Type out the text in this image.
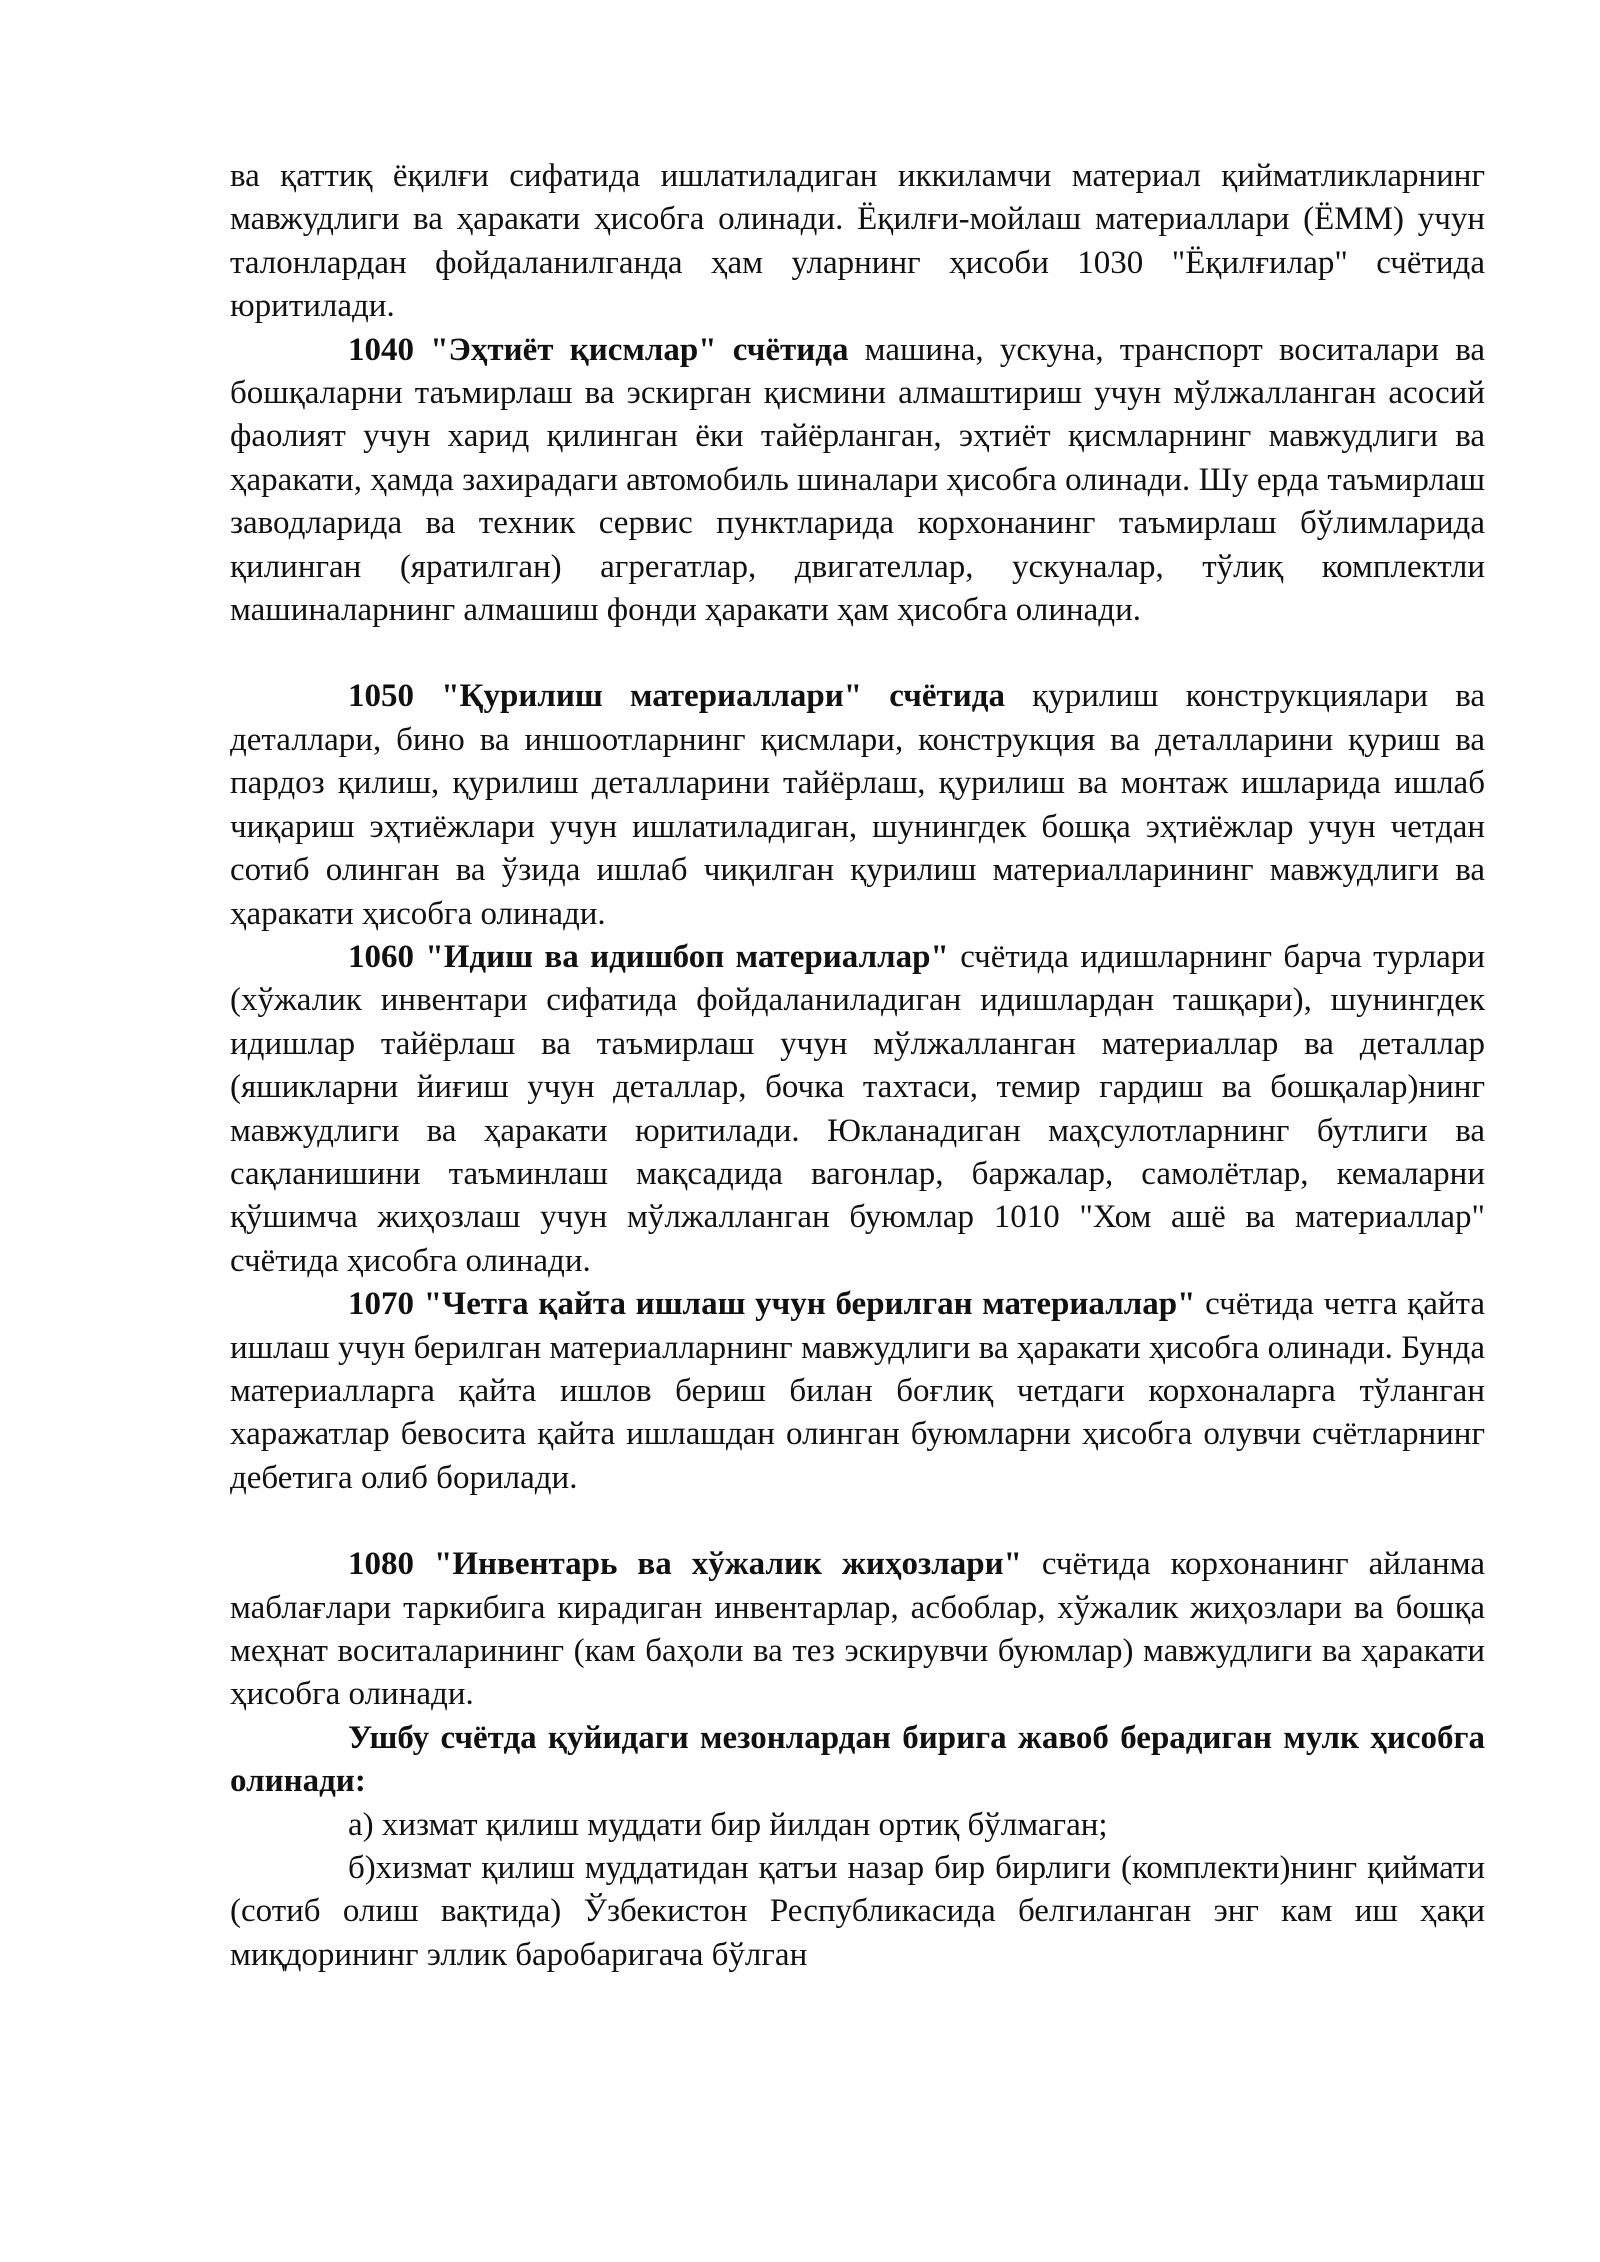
ва қаттиқ ёқилғи сифатида ишлатиладиган иккиламчи материал қийматликларнинг мавжудлиги ва ҳаракати ҳисобга олинади. Ёқилғи-мойлаш материаллари (ЁММ) учун талонлардан фойдаланилганда ҳам уларнинг ҳисоби 1030 "Ёқилғилар" счётида юритилади.

1040 "Эҳтиёт қисмлар" счётида машина, ускуна, транспорт воситалари ва бошқаларни таъмирлаш ва эскирган қисмини алмаштириш учун мўлжалланган асосий фаолият учун харид қилинган ёки тайёрланган, эҳтиёт қисмларнинг мавжудлиги ва ҳаракати, ҳамда захирадаги автомобиль шиналари ҳисобга олинади. Шу ерда таъмирлаш заводларида ва техник сервис пунктларида корхонанинг таъмирлаш бўлимларида қилинган (яратилган) агрегатлар, двигателлар, ускуналар, тўлиқ комплектли машиналарнинг алмашиш фонди ҳаракати ҳам ҳисобга олинади.

1050 "Қурилиш материаллари" счётида қурилиш конструкциялари ва деталлари, бино ва иншоотларнинг қисмлари, конструкция ва деталларини қуриш ва пардоз қилиш, қурилиш деталларини тайёрлаш, қурилиш ва монтаж ишларида ишлаб чиқариш эҳтиёжлари учун ишлатиладиган, шунингдек бошқа эҳтиёжлар учун четдан сотиб олинган ва ўзида ишлаб чиқилган қурилиш материалларининг мавжудлиги ва ҳаракати ҳисобга олинади.

1060 "Идиш ва идишбоп материаллар" счётида идишларнинг барча турлари (хўжалик инвентари сифатида фойдаланиладиган идишлардан ташқари), шунингдек идишлар тайёрлаш ва таъмирлаш учун мўлжалланган материаллар ва деталлар (яшикларни йиғиш учун деталлар, бочка тахтаси, темир гардиш ва бошқалар)нинг мавжудлиги ва ҳаракати юритилади. Юкланадиган маҳсулотларнинг бутлиги ва сақланишини таъминлаш мақсадида вагонлар, баржалар, самолётлар, кемаларни қўшимча жиҳозлаш учун мўлжалланган буюмлар 1010 "Хом ашё ва материаллар" счётида ҳисобга олинади.

1070 "Четга қайта ишлаш учун берилган материаллар" счётида четга қайта ишлаш учун берилган материалларнинг мавжудлиги ва ҳаракати ҳисобга олинади. Бунда материалларга қайта ишлов бериш билан боғлиқ четдаги корхоналарга тўланган харажатлар бевосита қайта ишлашдан олинган буюмларни ҳисобга олувчи счётларнинг дебетига олиб борилади.

1080 "Инвентарь ва хўжалик жиҳозлари" счётида корхонанинг айланма маблағлари таркибига кирадиган инвентарлар, асбоблар, хўжалик жиҳозлари ва бошқа меҳнат воситаларининг (кам баҳоли ва тез эскирувчи буюмлар) мавжудлиги ва ҳаракати ҳисобга олинади.

Ушбу счётда қуйидаги мезонлардан бирига жавоб берадиган мулк ҳисобга олинади:

а) хизмат қилиш муддати бир йилдан ортиқ бўлмаган;

б)хизмат қилиш муддатидан қатъи назар бир бирлиги (комплекти)нинг қиймати (сотиб олиш вақтида) Ўзбекистон Республикасида белгиланган энг кам иш ҳақи миқдорининг эллик баробаригача бўлган
